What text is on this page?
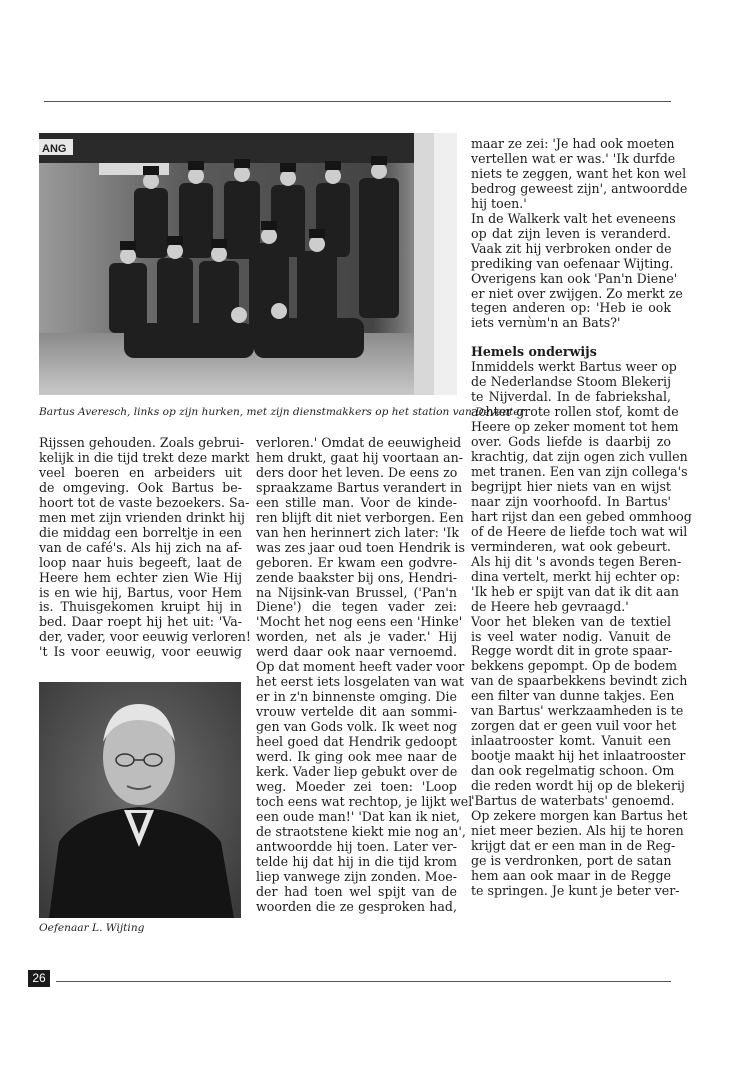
ANG
Bartus Averesch, links op zijn hurken, met zijn dienstmakkers op het station van Deventer
Rijssen gehouden. Zoals gebrui-
kelijk in die tijd trekt deze markt
veel boeren en arbeiders uit
de omgeving. Ook Bartus be-
hoort tot de vaste bezoekers. Sa-
men met zijn vrienden drinkt hij
die middag een borreltje in een
van de café's. Als hij zich na af-
loop naar huis begeeft, laat de
Heere hem echter zien Wie Hij
is en wie hij, Bartus, voor Hem
is. Thuisgekomen kruipt hij in
bed. Daar roept hij het uit: 'Va-
der, vader, voor eeuwig verloren!
't Is voor eeuwig, voor eeuwig
Oefenaar L. Wijting
verloren.' Omdat de eeuwigheid
hem drukt, gaat hij voortaan an-
ders door het leven. De eens zo
spraakzame Bartus verandert in
een stille man. Voor de kinde-
ren blijft dit niet verborgen. Een
van hen herinnert zich later: 'Ik
was zes jaar oud toen Hendrik is
geboren. Er kwam een godvre-
zende baakster bij ons, Hendri-
na Nijsink-van Brussel, ('Pan'n
Diene') die tegen vader zei:
'Mocht het nog eens een 'Hinke'
worden, net als je vader.' Hij
werd daar ook naar vernoemd.
Op dat moment heeft vader voor
het eerst iets losgelaten van wat
er in z'n binnenste omging. Die
vrouw vertelde dit aan sommi-
gen van Gods volk. Ik weet nog
heel goed dat Hendrik gedoopt
werd. Ik ging ook mee naar de
kerk. Vader liep gebukt over de
weg. Moeder zei toen: 'Loop
toch eens wat rechtop, je lijkt wel
een oude man!' 'Dat kan ik niet,
de straotstene kiekt mie nog an',
antwoordde hij toen. Later ver-
telde hij dat hij in die tijd krom
liep vanwege zijn zonden. Moe-
der had toen wel spijt van de
woorden die ze gesproken had,
maar ze zei: 'Je had ook moeten
vertellen wat er was.' 'Ik durfde
niets te zeggen, want het kon wel
bedrog geweest zijn', antwoordde
hij toen.'
In de Walkerk valt het eveneens
op dat zijn leven is veranderd.
Vaak zit hij verbroken onder de
prediking van oefenaar Wijting.
Overigens kan ook 'Pan'n Diene'
er niet over zwijgen. Zo merkt ze
tegen anderen op: 'Heb ie ook
iets vernùm'n an Bats?'
Hemels onderwijs
Inmiddels werkt Bartus weer op
de Nederlandse Stoom Blekerij
te Nijverdal. In de fabriekshal,
achter grote rollen stof, komt de
Heere op zeker moment tot hem
over. Gods liefde is daarbij zo
krachtig, dat zijn ogen zich vullen
met tranen. Een van zijn collega's
begrijpt hier niets van en wijst
naar zijn voorhoofd. In Bartus'
hart rijst dan een gebed ommhoog
of de Heere de liefde toch wat wil
verminderen, wat ook gebeurt.
Als hij dit 's avonds tegen Beren-
dina vertelt, merkt hij echter op:
'Ik heb er spijt van dat ik dit aan
de Heere heb gevraagd.'
Voor het bleken van de textiel
is veel water nodig. Vanuit de
Regge wordt dit in grote spaar-
bekkens gepompt. Op de bodem
van de spaarbekkens bevindt zich
een filter van dunne takjes. Een
van Bartus' werkzaamheden is te
zorgen dat er geen vuil voor het
inlaatrooster komt. Vanuit een
bootje maakt hij het inlaatrooster
dan ook regelmatig schoon. Om
die reden wordt hij op de blekerij
'Bartus de waterbats' genoemd.
Op zekere morgen kan Bartus het
niet meer bezien. Als hij te horen
krijgt dat er een man in de Reg-
ge is verdronken, port de satan
hem aan ook maar in de Regge
te springen. Je kunt je beter ver-
26
